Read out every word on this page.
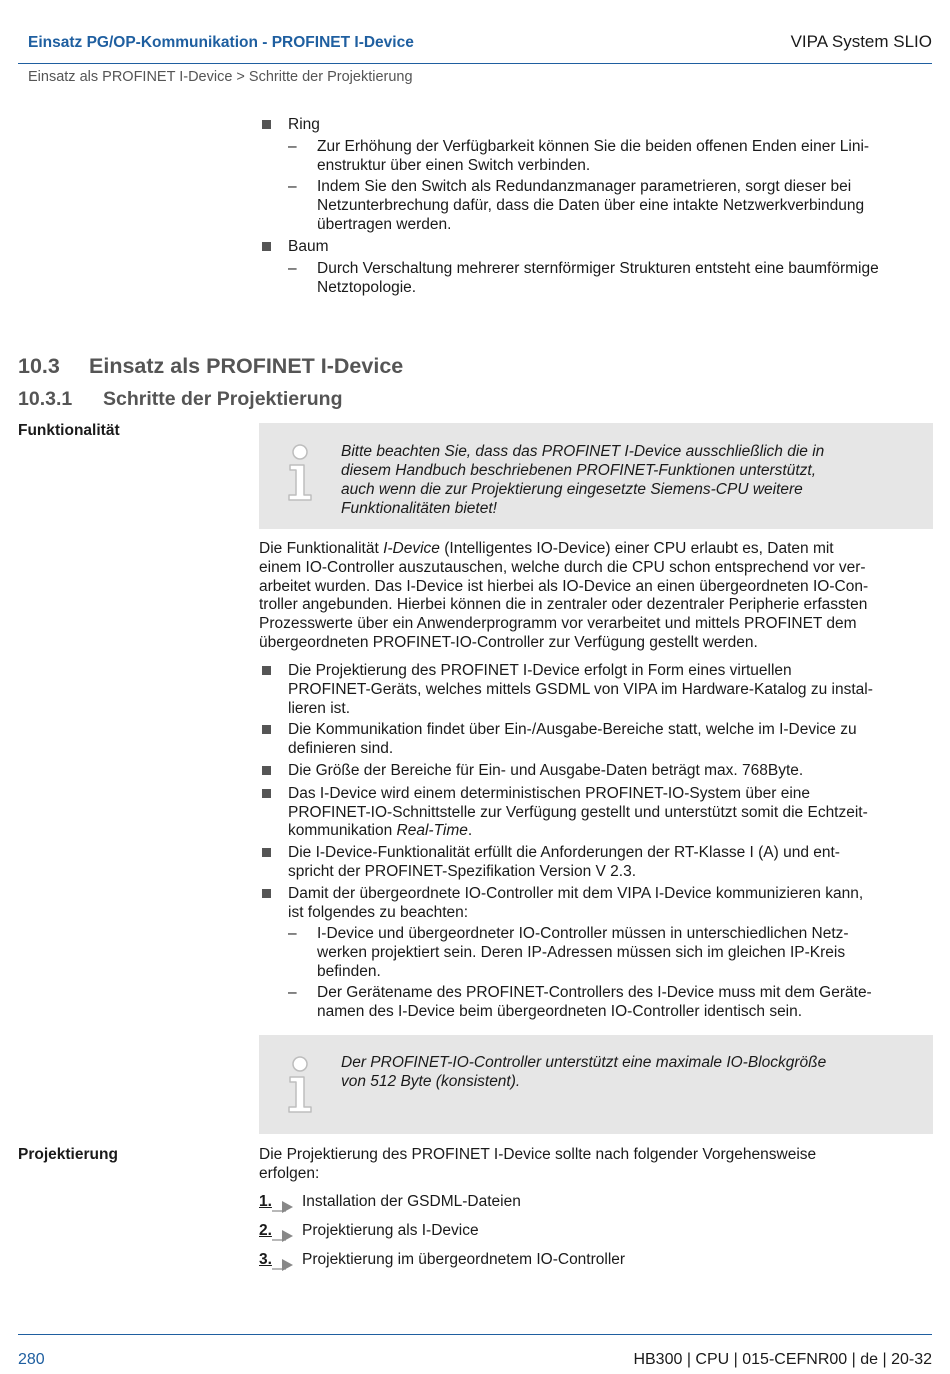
Einsatz PG/OP-Kommunikation - PROFINET I-Device	VIPA System SLIO
Einsatz als PROFINET I-Device > Schritte der Projektierung
Ring
– Zur Erhöhung der Verfügbarkeit können Sie die beiden offenen Enden einer Lini-
enstruktur über einen Switch verbinden.
– Indem Sie den Switch als Redundanzmanager parametrieren, sorgt dieser bei
Netzunterbrechung dafür, dass die Daten über eine intakte Netzwerkverbindung
übertragen werden.
Baum
– Durch Verschaltung mehrerer sternförmiger Strukturen entsteht eine baumförmige
Netztopologie.
10.3 Einsatz als PROFINET I-Device
10.3.1 Schritte der Projektierung
Funktionalität
Bitte beachten Sie, dass das PROFINET I-Device ausschließlich die in
diesem Handbuch beschriebenen PROFINET-Funktionen unterstützt,
auch wenn die zur Projektierung eingesetzte Siemens-CPU weitere
Funktionalitäten bietet!
Die Funktionalität I-Device (Intelligentes IO-Device) einer CPU erlaubt es, Daten mit
einem IO-Controller auszutauschen, welche durch die CPU schon entsprechend vor ver-
arbeitet wurden. Das I-Device ist hierbei als IO-Device an einen übergeordneten IO-Con-
troller angebunden. Hierbei können die in zentraler oder dezentraler Peripherie erfassten
Prozesswerte über ein Anwenderprogramm vor verarbeitet und mittels PROFINET dem
übergeordneten PROFINET-IO-Controller zur Verfügung gestellt werden.
Die Projektierung des PROFINET I-Device erfolgt in Form eines virtuellen
PROFINET-Geräts, welches mittels GSDML von VIPA im Hardware-Katalog zu instal-
lieren ist.
Die Kommunikation findet über Ein-/Ausgabe-Bereiche statt, welche im I-Device zu
definieren sind.
Die Größe der Bereiche für Ein- und Ausgabe-Daten beträgt max. 768Byte.
Das I-Device wird einem deterministischen PROFINET-IO-System über eine
PROFINET-IO-Schnittstelle zur Verfügung gestellt und unterstützt somit die Echtzeit-
kommunikation Real-Time.
Die I-Device-Funktionalität erfüllt die Anforderungen der RT-Klasse I (A) und ent-
spricht der PROFINET-Spezifikation Version V 2.3.
Damit der übergeordnete IO-Controller mit dem VIPA I-Device kommunizieren kann,
ist folgendes zu beachten:
– I-Device und übergeordneter IO-Controller müssen in unterschiedlichen Netz-
werken projektiert sein. Deren IP-Adressen müssen sich im gleichen IP-Kreis
befinden.
– Der Gerätename des PROFINET-Controllers des I-Device muss mit dem Geräte-
namen des I-Device beim übergeordneten IO-Controller identisch sein.
Der PROFINET-IO-Controller unterstützt eine maximale IO-Blockgröße
von 512 Byte (konsistent).
Projektierung	Die Projektierung des PROFINET I-Device sollte nach folgender Vorgehensweise
erfolgen:
1. Installation der GSDML-Dateien
2. Projektierung als I-Device
3. Projektierung im übergeordnetem IO-Controller
280	HB300 | CPU | 015-CEFNR00 | de | 20-32
